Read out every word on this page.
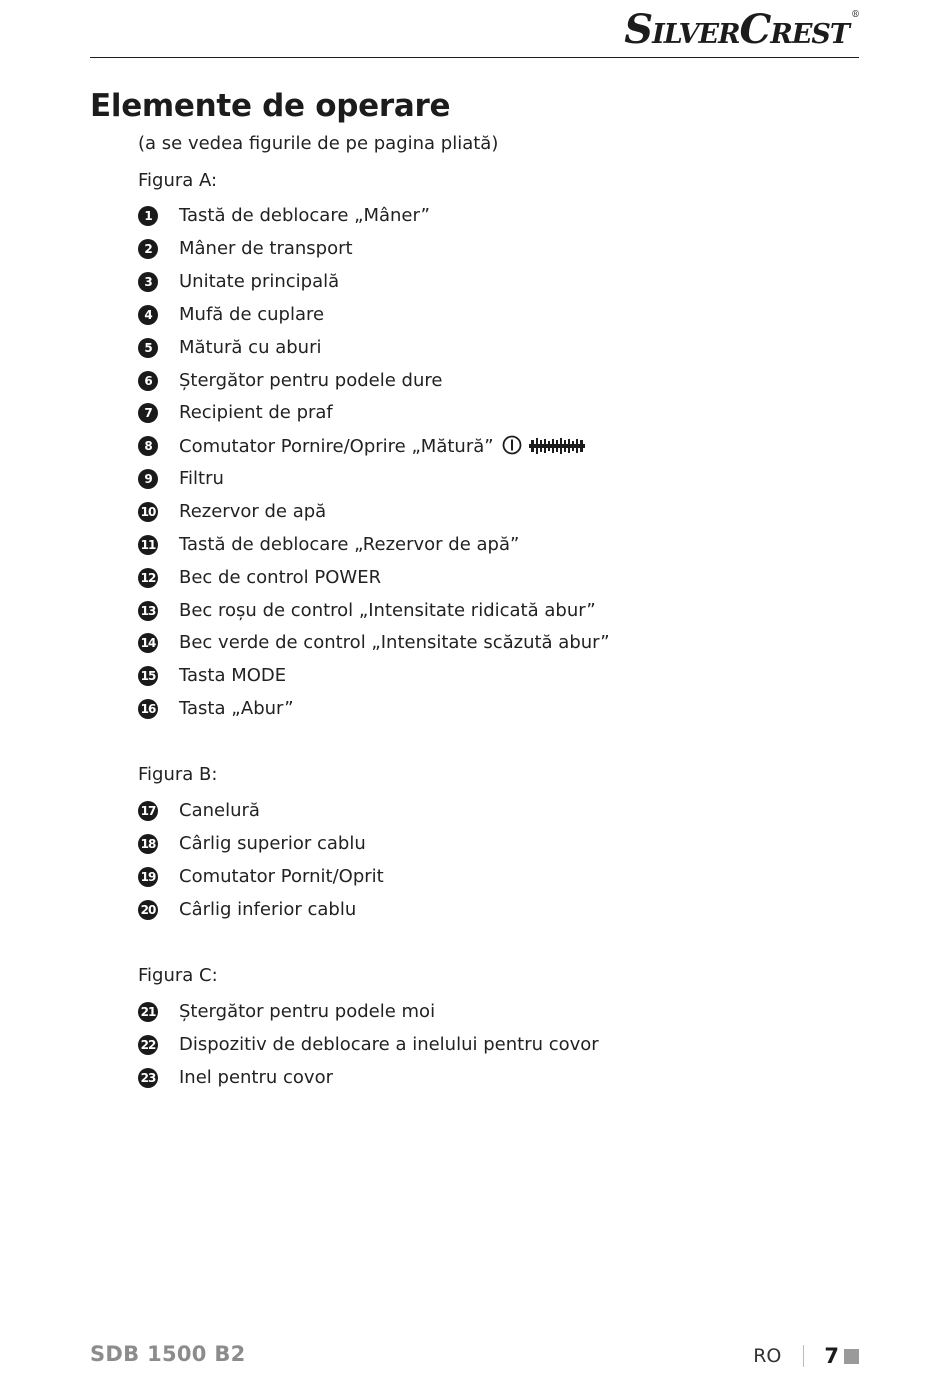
SILVERCREST®
Elemente de operare
(a se vedea figurile de pe pagina pliată)
Figura A:
1	Tastă de deblocare „Mâner”
2	Mâner de transport
3	Unitate principală
4	Mufă de cuplare
5	Mătură cu aburi
6	Ștergător pentru podele dure
7	Recipient de praf
8	Comutator Pornire/Oprire „Mătură”
9	Filtru
10 Rezervor de apă
11 Tastă de deblocare „Rezervor de apă”
12 Bec de control POWER
13 Bec roșu de control „Intensitate ridicată abur”
14 Bec verde de control „Intensitate scăzută abur”
15 Tasta MODE
16 Tasta „Abur”
Figura B:
17 Canelură
18 Cârlig superior cablu
19 Comutator Pornit/Oprit
20 Cârlig inferior cablu
Figura C:
21 Ștergător pentru podele moi
22 Dispozitiv de deblocare a inelului pentru covor
23 Inel pentru covor
SDB 1500 B2	RO 7
